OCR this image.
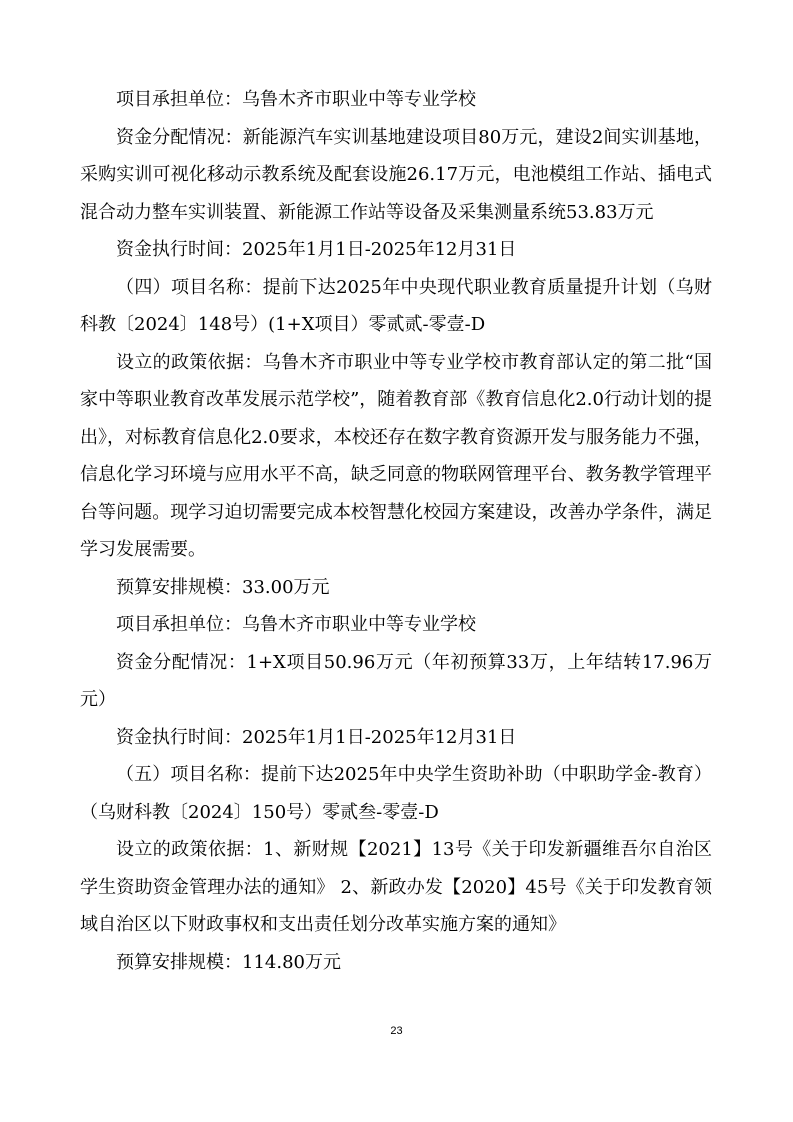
项目承担单位：乌鲁木齐市职业中等专业学校

资金分配情况：新能源汽车实训基地建设项目80万元，建设2间实训基地，采购实训可视化移动示教系统及配套设施26.17万元，电池模组工作站、插电式混合动力整车实训装置、新能源工作站等设备及采集测量系统53.83万元

资金执行时间：2025年1月1日-2025年12月31日

（四）项目名称：提前下达2025年中央现代职业教育质量提升计划（乌财科教〔2024〕148号）(1+X项目）零贰贰-零壹-D

设立的政策依据：乌鲁木齐市职业中等专业学校市教育部认定的第二批“国家中等职业教育改革发展示范学校”，随着教育部《教育信息化2.0行动计划的提出》，对标教育信息化2.0要求，本校还存在数字教育资源开发与服务能力不强，信息化学习环境与应用水平不高，缺乏同意的物联网管理平台、教务教学管理平台等问题。现学习迫切需要完成本校智慧化校园方案建设，改善办学条件，满足学习发展需要。

预算安排规模：33.00万元

项目承担单位：乌鲁木齐市职业中等专业学校

资金分配情况：1+X项目50.96万元（年初预算33万，上年结转17.96万元）

资金执行时间：2025年1月1日-2025年12月31日

（五）项目名称：提前下达2025年中央学生资助补助（中职助学金-教育）（乌财科教〔2024〕150号）零贰叁-零壹-D

设立的政策依据：1、新财规【2021】13号《关于印发新疆维吾尔自治区学生资助资金管理办法的通知》 2、新政办发【2020】45号《关于印发教育领域自治区以下财政事权和支出责任划分改革实施方案的通知》

预算安排规模：114.80万元

23
